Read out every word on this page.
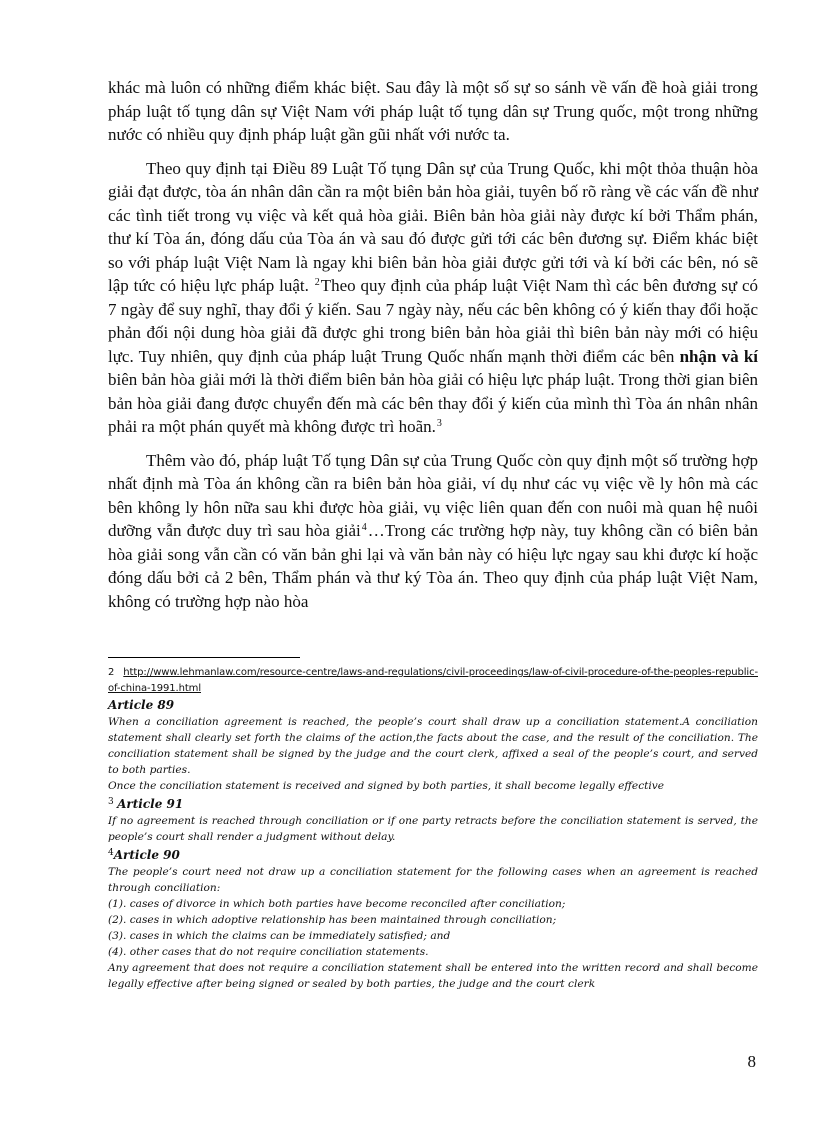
khác mà luôn có những điểm khác biệt. Sau đây là một số sự so sánh về vấn đề hoà giải trong pháp luật tố tụng dân sự Việt Nam với pháp luật tố tụng dân sự Trung quốc, một trong những nước có nhiều quy định pháp luật gần gũi nhất với nước ta.

Theo quy định tại Điều 89 Luật Tố tụng Dân sự của Trung Quốc, khi một thỏa thuận hòa giải đạt được, tòa án nhân dân cần ra một biên bản hòa giải, tuyên bố rõ ràng về các vấn đề như các tình tiết trong vụ việc và kết quả hòa giải. Biên bản hòa giải này được kí bởi Thẩm phán, thư kí Tòa án, đóng dấu của Tòa án và sau đó được gửi tới các bên đương sự. Điểm khác biệt so với pháp luật Việt Nam là ngay khi biên bản hòa giải được gửi tới và kí bởi các bên, nó sẽ lập tức có hiệu lực pháp luật. $^2$Theo quy định của pháp luật Việt Nam thì các bên đương sự có 7 ngày để suy nghĩ, thay đổi ý kiến. Sau 7 ngày này, nếu các bên không có ý kiến thay đổi hoặc phản đối nội dung hòa giải đã được ghi trong biên bản hòa giải thì biên bản này mới có hiệu lực. Tuy nhiên, quy định của pháp luật Trung Quốc nhấn mạnh thời điểm các bên nhận và kí biên bản hòa giải mới là thời điểm biên bản hòa giải có hiệu lực pháp luật. Trong thời gian biên bản hòa giải đang được chuyển đến mà các bên thay đổi ý kiến của mình thì Tòa án nhân nhân phải ra một phán quyết mà không được trì hoãn.$^3$

Thêm vào đó, pháp luật Tố tụng Dân sự của Trung Quốc còn quy định một số trường hợp nhất định mà Tòa án không cần ra biên bản hòa giải, ví dụ như các vụ việc về ly hôn mà các bên không ly hôn nữa sau khi được hòa giải, vụ việc liên quan đến con nuôi mà quan hệ nuôi dưỡng vẫn được duy trì sau hòa giải$^4$…Trong các trường hợp này, tuy không cần có biên bản hòa giải song vẫn cần có văn bản ghi lại và văn bản này có hiệu lực ngay sau khi được kí hoặc đóng dấu bởi cả 2 bên, Thẩm phán và thư ký Tòa án. Theo quy định của pháp luật Việt Nam, không có trường hợp nào hòa

2 http://www.lehmanlaw.com/resource-centre/laws-and-regulations/civil-proceedings/law-of-civil-procedure-of-the-peoples-republic-of-china-1991.html

Article 89

When a conciliation agreement is reached, the people’s court shall draw up a conciliation statement.A conciliation statement shall clearly set forth the claims of the action,the facts about the case, and the result of the conciliation. The conciliation statement shall be signed by the judge and the court clerk, affixed a seal of the people’s court, and served to both parties.

Once the conciliation statement is received and signed by both parties, it shall become legally effective

$^3$ Article 91

If no agreement is reached through conciliation or if one party retracts before the conciliation statement is served, the people’s court shall render a judgment without delay.

$^4$Article 90

The people’s court need not draw up a conciliation statement for the following cases when an agreement is reached through conciliation:

(1). cases of divorce in which both parties have become reconciled after conciliation;

(2). cases in which adoptive relationship has been maintained through conciliation;

(3). cases in which the claims can be immediately satisfied; and

(4). other cases that do not require conciliation statements.

Any agreement that does not require a conciliation statement shall be entered into the written record and shall become legally effective after being signed or sealed by both parties, the judge and the court clerk

8
